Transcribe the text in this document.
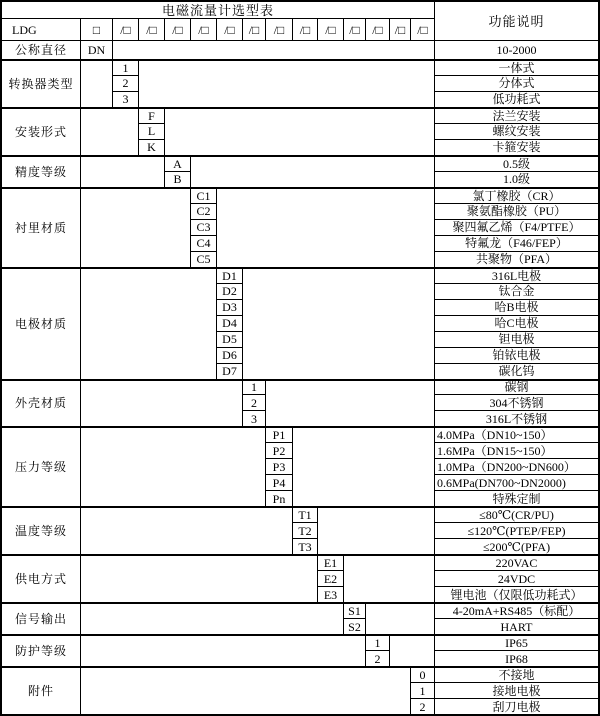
电磁流量计选型表
功能说明
LDG	□	/□	/□	/□	/□	/□	/□	/□	/□	/□	/□	/□ /□ /□
公称直径	DN	10-2000
转换器类型
1	一体式
2	分体式
3	低功耗式
安装形式
F	法兰安装
L	螺纹安装
K	卡箍安装
精度等级
A	0.5级
B	1.0级
衬里材质
C1	氯丁橡胶（CR）
C2	聚氨酯橡胶（PU）
C3	聚四氟乙烯（F4/PTFE）
C4	特氟龙（F46/FEP）
C5	共聚物（PFA）
电极材质
D1	316L电极
D2	钛合金
D3	哈B电极
D4	哈C电极
D5	钽电极
D6	铂铱电极
D7	碳化钨
外壳材质
1	碳钢
2	304不锈钢
3	316L不锈钢
压力等级
P1	4.0MPa（DN10~150）
P2	1.6MPa（DN15~150）
P3	1.0MPa（DN200~DN600）
P4	0.6MPa(DN700~DN2000)
Pn	特殊定制
温度等级
T1	≤80℃(CR/PU)
T2	≤120℃(PTEP/FEP)
T3	≤200℃(PFA)
供电方式
E1	220VAC
E2	24VDC
E3	锂电池（仅限低功耗式）
信号输出
S1	4-20mA+RS485（标配）
S2	HART
防护等级
1	IP65
2	IP68
附件
0	不接地
1	接地电极
2	刮刀电极
